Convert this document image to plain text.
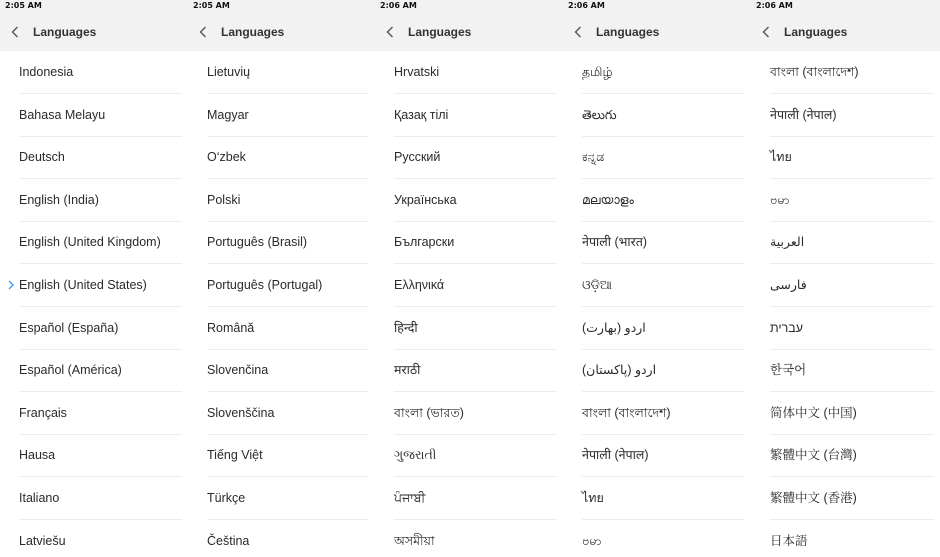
2:05 AM
Languages
Indonesia
Bahasa Melayu
Deutsch
English (India)
English (United Kingdom)
English (United States)
Español (España)
Español (América)
Français
Hausa
Italiano
Latviešu
2:05 AM
Languages
Lietuvių
Magyar
O‘zbek
Polski
Português (Brasil)
Português (Portugal)
Română
Slovenčina
Slovenščina
Tiếng Việt
Türkçe
Čeština
2:06 AM
Languages
Hrvatski
Қазақ тілі
Русский
Українська
Български
Ελληνικά
हिन्दी
मराठी
বাংলা (ভারত)
ગુજરાતી
ਪੰਜਾਬੀ
অসমীয়া
2:06 AM
Languages
தமிழ்
తెలుగు
ಕನ್ನಡ
മലയാളം
नेपाली (भारत)
ଓଡ଼ିଆ
اردو (بھارت)
اردو (پاکستان)
বাংলা (বাংলাদেশ)
नेपाली (नेपाल)
ไทย
ဗမာ
2:06 AM
Languages
বাংলা (বাংলাদেশ)
नेपाली (नेपाल)
ไทย
ဗမာ
العربية
فارسی
עברית
한국어
简体中文 (中国)
繁體中文 (台灣)
繁體中文 (香港)
日本語
